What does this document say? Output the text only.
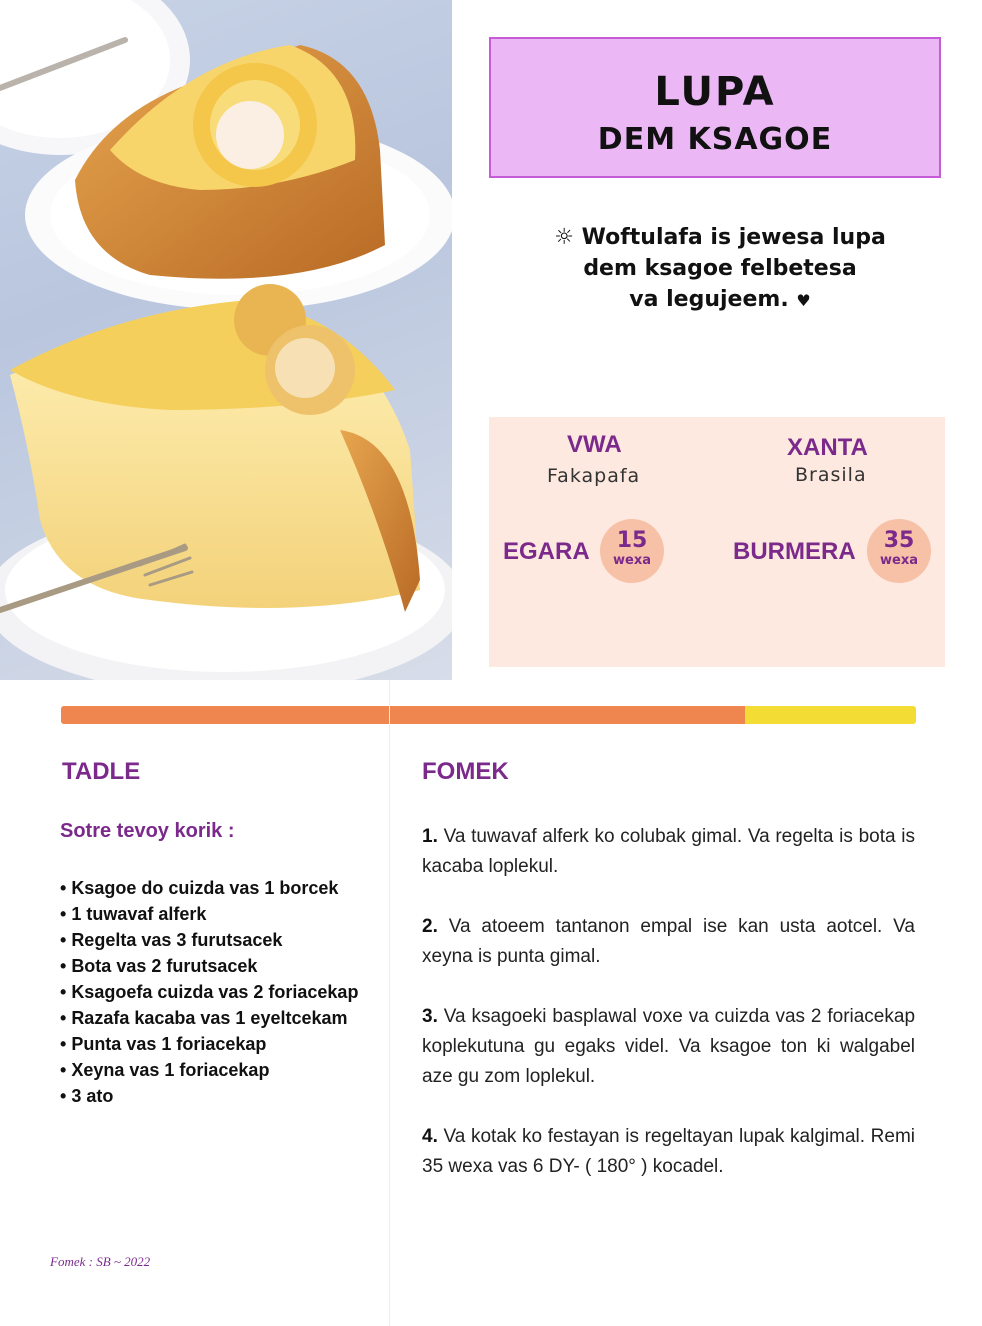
LUPA
DEM KSAGOE
☼ Woftulafa is jewesa lupa
dem ksagoe felbetesa
va legujeem. ♥
VWA
Fakapafa
XANTA
Brasila
EGARA	15
wexa	BURMERA	35
wexa
TADLE
Sotre tevoy korik :
• Ksagoe do cuizda vas 1 borcek
• 1 tuwavaf alferk
• Regelta vas 3 furutsacek
• Bota vas 2 furutsacek
• Ksagoefa cuizda vas 2 foriacekap
• Razafa kacaba vas 1 eyeltcekam
• Punta vas 1 foriacekap
• Xeyna vas 1 foriacekap
• 3 ato
FOMEK
1. Va tuwavaf alferk ko colubak gimal. Va regelta is bota is kacaba loplekul.
2. Va atoeem tantanon empal ise kan usta aotcel. Va xeyna is punta gimal.
3. Va ksagoeki basplawal voxe va cuizda vas 2 foriacekap koplekutuna gu egaks videl. Va ksagoe ton ki walgabel aze gu zom loplekul.
4. Va kotak ko festayan is regeltayan lupak kalgimal. Remi 35 wexa vas 6 DY- ( 180° ) kocadel.
Fomek : SB ~ 2022
